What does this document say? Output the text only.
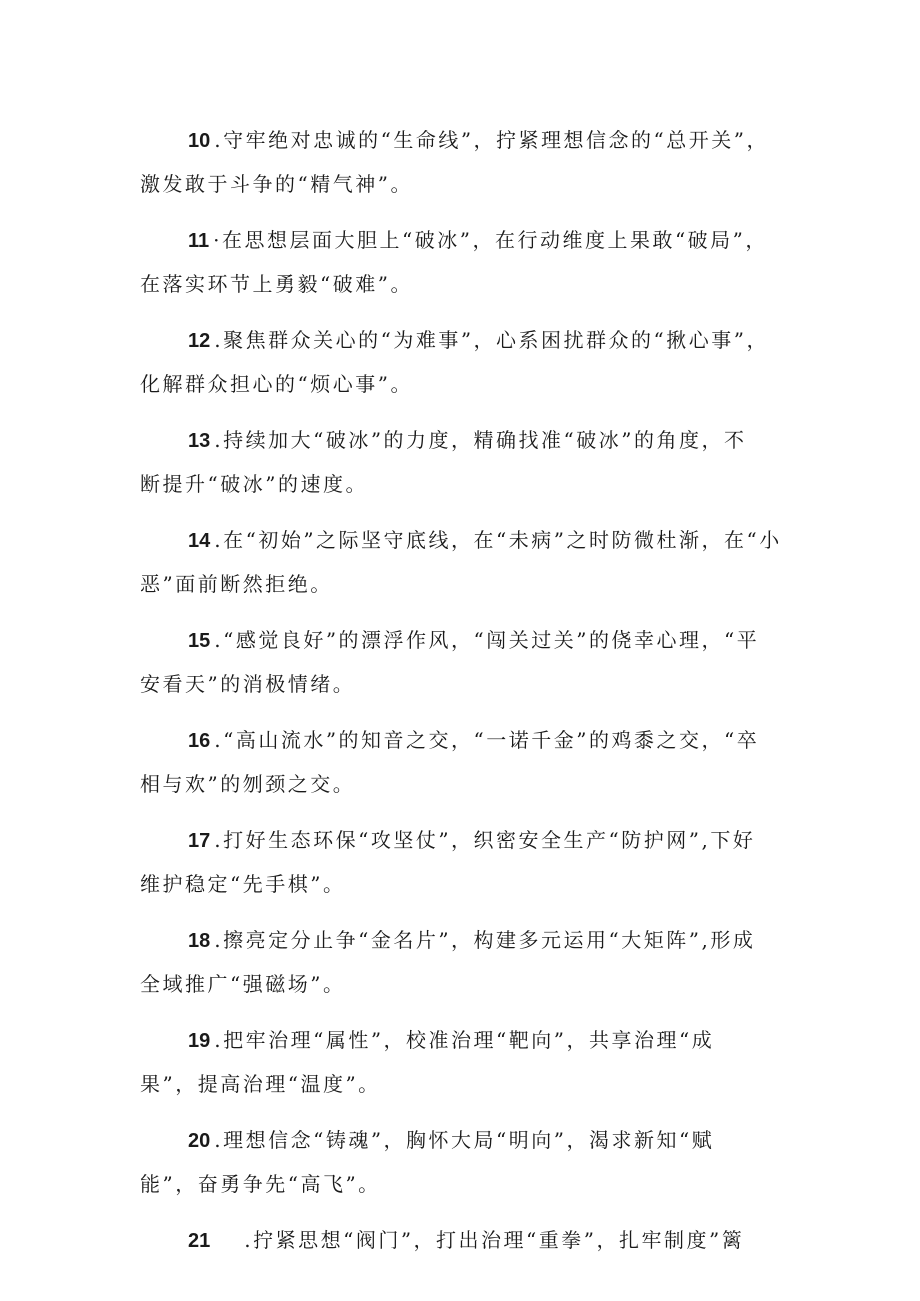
10 .守牢绝对忠诚的“生命线”，拧紧理想信念的“总开关”，
激发敢于斗争的“精气神”。
11 ·在思想层面大胆上“破冰”，在行动维度上果敢“破局”，
在落实环节上勇毅“破难”。
12 .聚焦群众关心的“为难事”，心系困扰群众的“揪心事”，
化解群众担心的“烦心事”。
13 .持续加大“破冰”的力度，精确找准“破冰”的角度，不
断提升“破冰”的速度。
14 .在“初始”之际坚守底线，在“未病”之时防微杜渐，在“小
恶”面前断然拒绝。
15 .“感觉良好”的漂浮作风，“闯关过关”的侥幸心理，“平
安看天”的消极情绪。
16 .“高山流水”的知音之交，“一诺千金”的鸡黍之交，“卒
相与欢”的刎颈之交。
17 .打好生态环保“攻坚仗”，织密安全生产“防护网”,下好
维护稳定“先手棋”。
18 .擦亮定分止争“金名片”，构建多元运用“大矩阵”,形成
全域推广“强磁场”。
19 .把牢治理“属性”，校准治理“靶向”，共享治理“成
果”，提高治理“温度”。
20 .理想信念“铸魂”，胸怀大局“明向”，渴求新知“赋
能”，奋勇争先“高飞”。
21 .拧紧思想“阀门”，打出治理“重拳”，扎牢制度”篱
